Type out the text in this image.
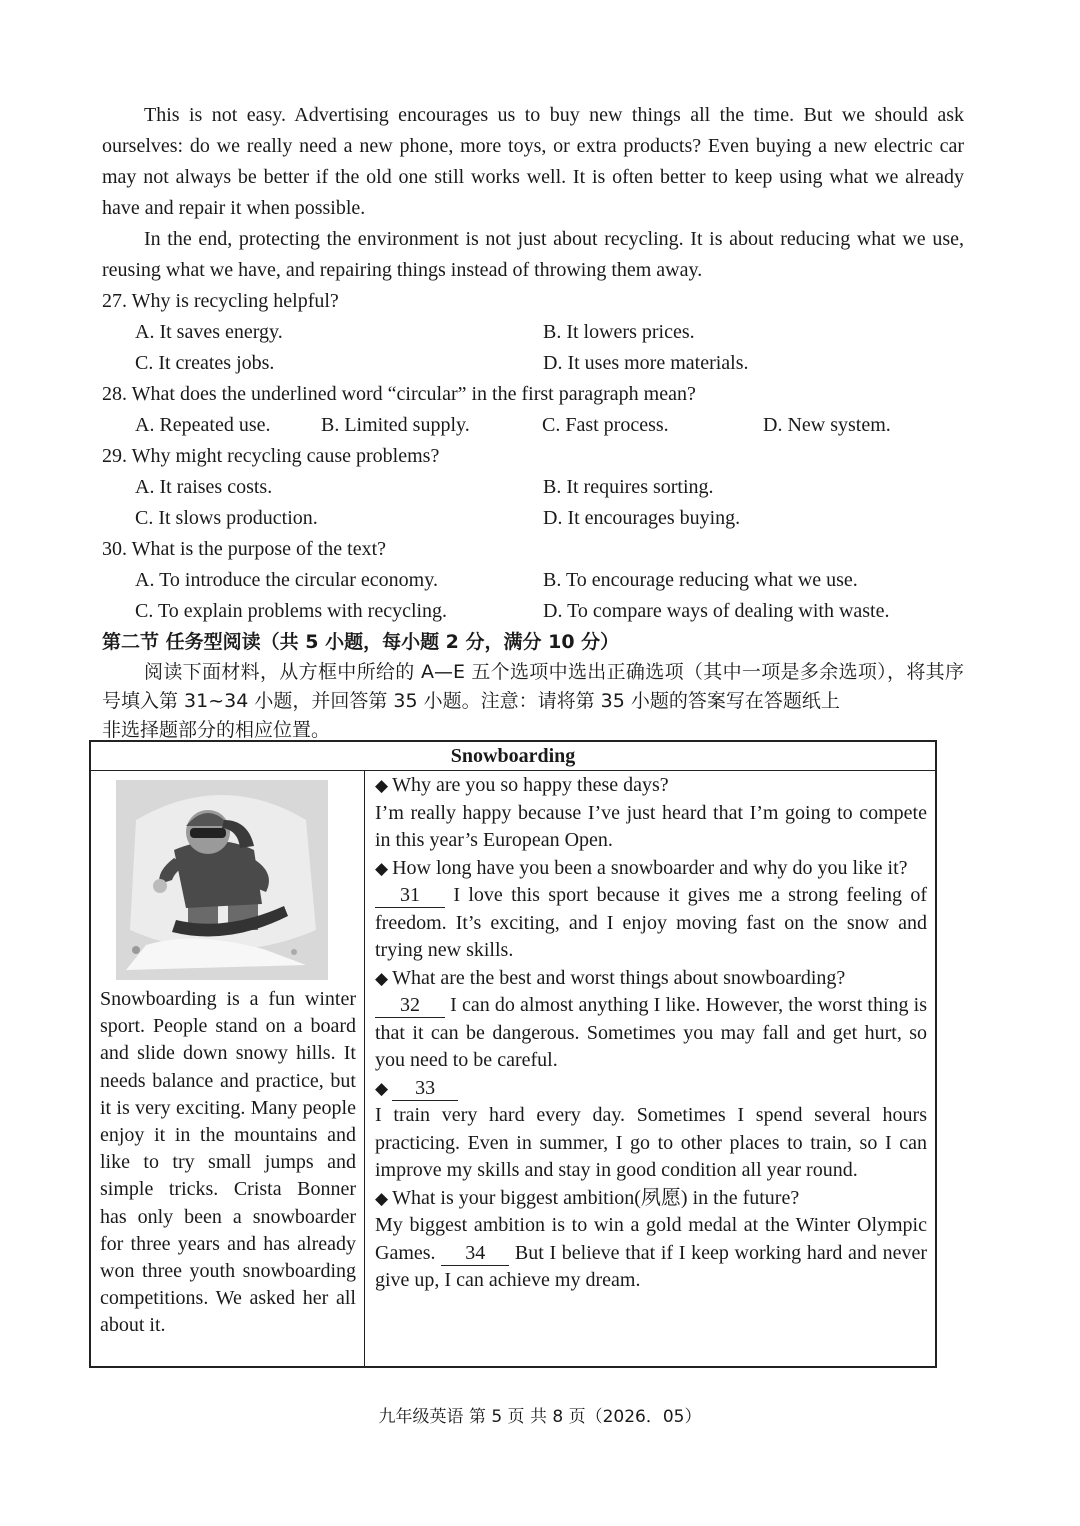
This is not easy. Advertising encourages us to buy new things all the time. But we should ask ourselves: do we really need a new phone, more toys, or extra products? Even buying a new electric car may not always be better if the old one still works well. It is often better to keep using what we already have and repair it when possible.

In the end, protecting the environment is not just about recycling. It is about reducing what we use, reusing what we have, and repairing things instead of throwing them away.

27. Why is recycling helpful?

A. It saves energy.	B. It lowers prices.
C. It creates jobs.	D. It uses more materials.

28. What does the underlined word “circular” in the first paragraph mean?

A. Repeated use.	B. Limited supply.	C. Fast process.	D. New system.

29. Why might recycling cause problems?

A. It raises costs.	B. It requires sorting.
C. It slows production.	D. It encourages buying.

30. What is the purpose of the text?

A. To introduce the circular economy.	B. To encourage reducing what we use.
C. To explain problems with recycling.	D. To compare ways of dealing with waste.

第二节 任务型阅读（共 5 小题，每小题 2 分，满分 10 分）

阅读下面材料，从方框中所给的 A—E 五个选项中选出正确选项（其中一项是多余选项），将其序号填入第 31~34 小题，并回答第 35 小题。注意：请将第 35 小题的答案写在答题纸上

非选择题部分的相应位置。

Snowboarding

Snowboarding is a fun winter sport. People stand on a board and slide down snowy hills. It needs balance and practice, but it is very exciting. Many people enjoy it in the mountains and like to try small jumps and simple tricks. Crista Bonner has only been a snowboarder for three years and has already won three youth snowboarding competitions. We asked her all about it.

◆ Why are you so happy these days?

I’m really happy because I’ve just heard that I’m going to compete in this year’s European Open.

◆ How long have you been a snowboarder and why do you like it?

31 I love this sport because it gives me a strong feeling of freedom. It’s exciting, and I enjoy moving fast on the snow and trying new skills.

◆ What are the best and worst things about snowboarding?

32 I can do almost anything I like. However, the worst thing is that it can be dangerous. Sometimes you may fall and get hurt, so you need to be careful.

◆ 33

I train very hard every day. Sometimes I spend several hours practicing. Even in summer, I go to other places to train, so I can improve my skills and stay in good condition all year round.

◆ What is your biggest ambition(夙愿) in the future?

My biggest ambition is to win a gold medal at the Winter Olympic Games. 34 But I believe that if I keep working hard and never give up, I can achieve my dream.

九年级英语 第 5 页 共 8 页（2026．05）
